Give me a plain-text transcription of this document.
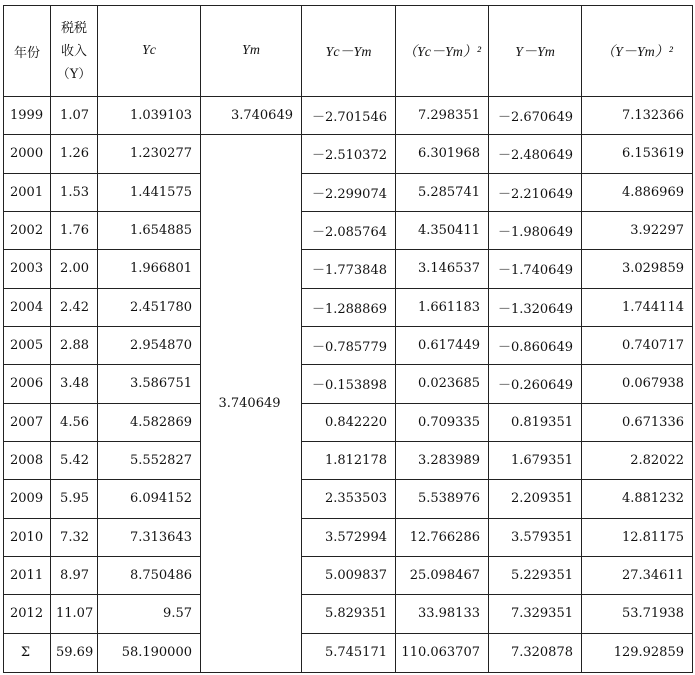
年份	税税
收入
（Y）	Yc	Ym	Yc－Ym	（Yc－Ym）²	Y－Ym	（Y－Ym）²
1999	1.07	1.039103	3.740649	－2.701546	7.298351	－2.670649	7.132366
2000	1.26	1.230277	3.740649	－2.510372	6.301968	－2.480649	6.153619
2001	1.53	1.441575		－2.299074	5.285741	－2.210649	4.886969
2002	1.76	1.654885		－2.085764	4.350411	－1.980649	3.92297
2003	2.00	1.966801		－1.773848	3.146537	－1.740649	3.029859
2004	2.42	2.451780		－1.288869	1.661183	－1.320649	1.744114
2005	2.88	2.954870		－0.785779	0.617449	－0.860649	0.740717
2006	3.48	3.586751		－0.153898	0.023685	－0.260649	0.067938
2007	4.56	4.582869		0.842220	0.709335	0.819351	0.671336
2008	5.42	5.552827		1.812178	3.283989	1.679351	2.82022
2009	5.95	6.094152		2.353503	5.538976	2.209351	4.881232
2010	7.32	7.313643		3.572994	12.766286	3.579351	12.81175
2011	8.97	8.750486		5.009837	25.098467	5.229351	27.34611
2012	11.07	9.57		5.829351	33.98133	7.329351	53.71938
Σ	59.69	58.190000		5.745171	110.063707	7.320878	129.92859
